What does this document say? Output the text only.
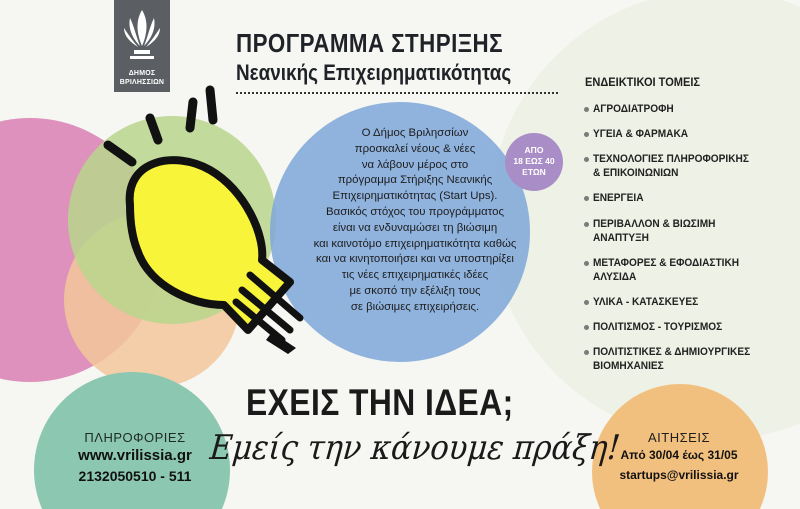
ΔΗΜΟΣ
ΒΡΙΛΗΣΣΙΩΝ
ΠΡΟΓΡΑΜΜΑ ΣΤΗΡΙΞΗΣ
Νεανικής Επιχειρηματικότητας
Ο Δήμος Βριλησσίων
προσκαλεί νέους & νέες
να λάβουν μέρος στο
πρόγραμμα Στήριξης Νεανικής
Επιχειρηματικότητας (Start Ups).
Βασικός στόχος του προγράμματος
είναι να ενδυναμώσει τη βιώσιμη
και καινοτόμο επιχειρηματικότητα καθώς
και να κινητοποιήσει και να υποστηρίξει
τις νέες επιχειρηματικές ιδέες
με σκοπό την εξέλιξη τους
σε βιώσιμες επιχειρήσεις.
ΑΠΟ
18 ΕΩΣ 40
ΕΤΩΝ
ΕΝΔΕΙΚΤΙΚΟΙ ΤΟΜΕΙΣ
ΑΓΡΟΔΙΑΤΡΟΦΗ
ΥΓΕΙΑ & ΦΑΡΜΑΚΑ
ΤΕΧΝΟΛΟΓΙΕΣ ΠΛΗΡΟΦΟΡΙΚΗΣ
& ΕΠΙΚΟΙΝΩΝΙΩΝ
ΕΝΕΡΓΕΙΑ
ΠΕΡΙΒΑΛΛΟΝ & ΒΙΩΣΙΜΗ
ΑΝΑΠΤΥΞΗ
ΜΕΤΑΦΟΡΕΣ & ΕΦΟΔΙΑΣΤΙΚΗ
ΑΛΥΣΙΔΑ
ΥΛΙΚΑ - ΚΑΤΑΣΚΕΥΕΣ
ΠΟΛΙΤΙΣΜΟΣ - ΤΟΥΡΙΣΜΟΣ
ΠΟΛΙΤΙΣΤΙΚΕΣ & ΔΗΜΙΟΥΡΓΙΚΕΣ
ΒΙΟΜΗΧΑΝΙΕΣ
ΕΧΕΙΣ ΤΗΝ ΙΔΕΑ;
Εμείς την κάνουμε πράξη!
ΠΛΗΡΟΦΟΡΙΕΣ
www.vrilissia.gr
2132050510 - 511
ΑΙΤΗΣΕΙΣ
Από 30/04 έως 31/05
startups@vrilissia.gr
